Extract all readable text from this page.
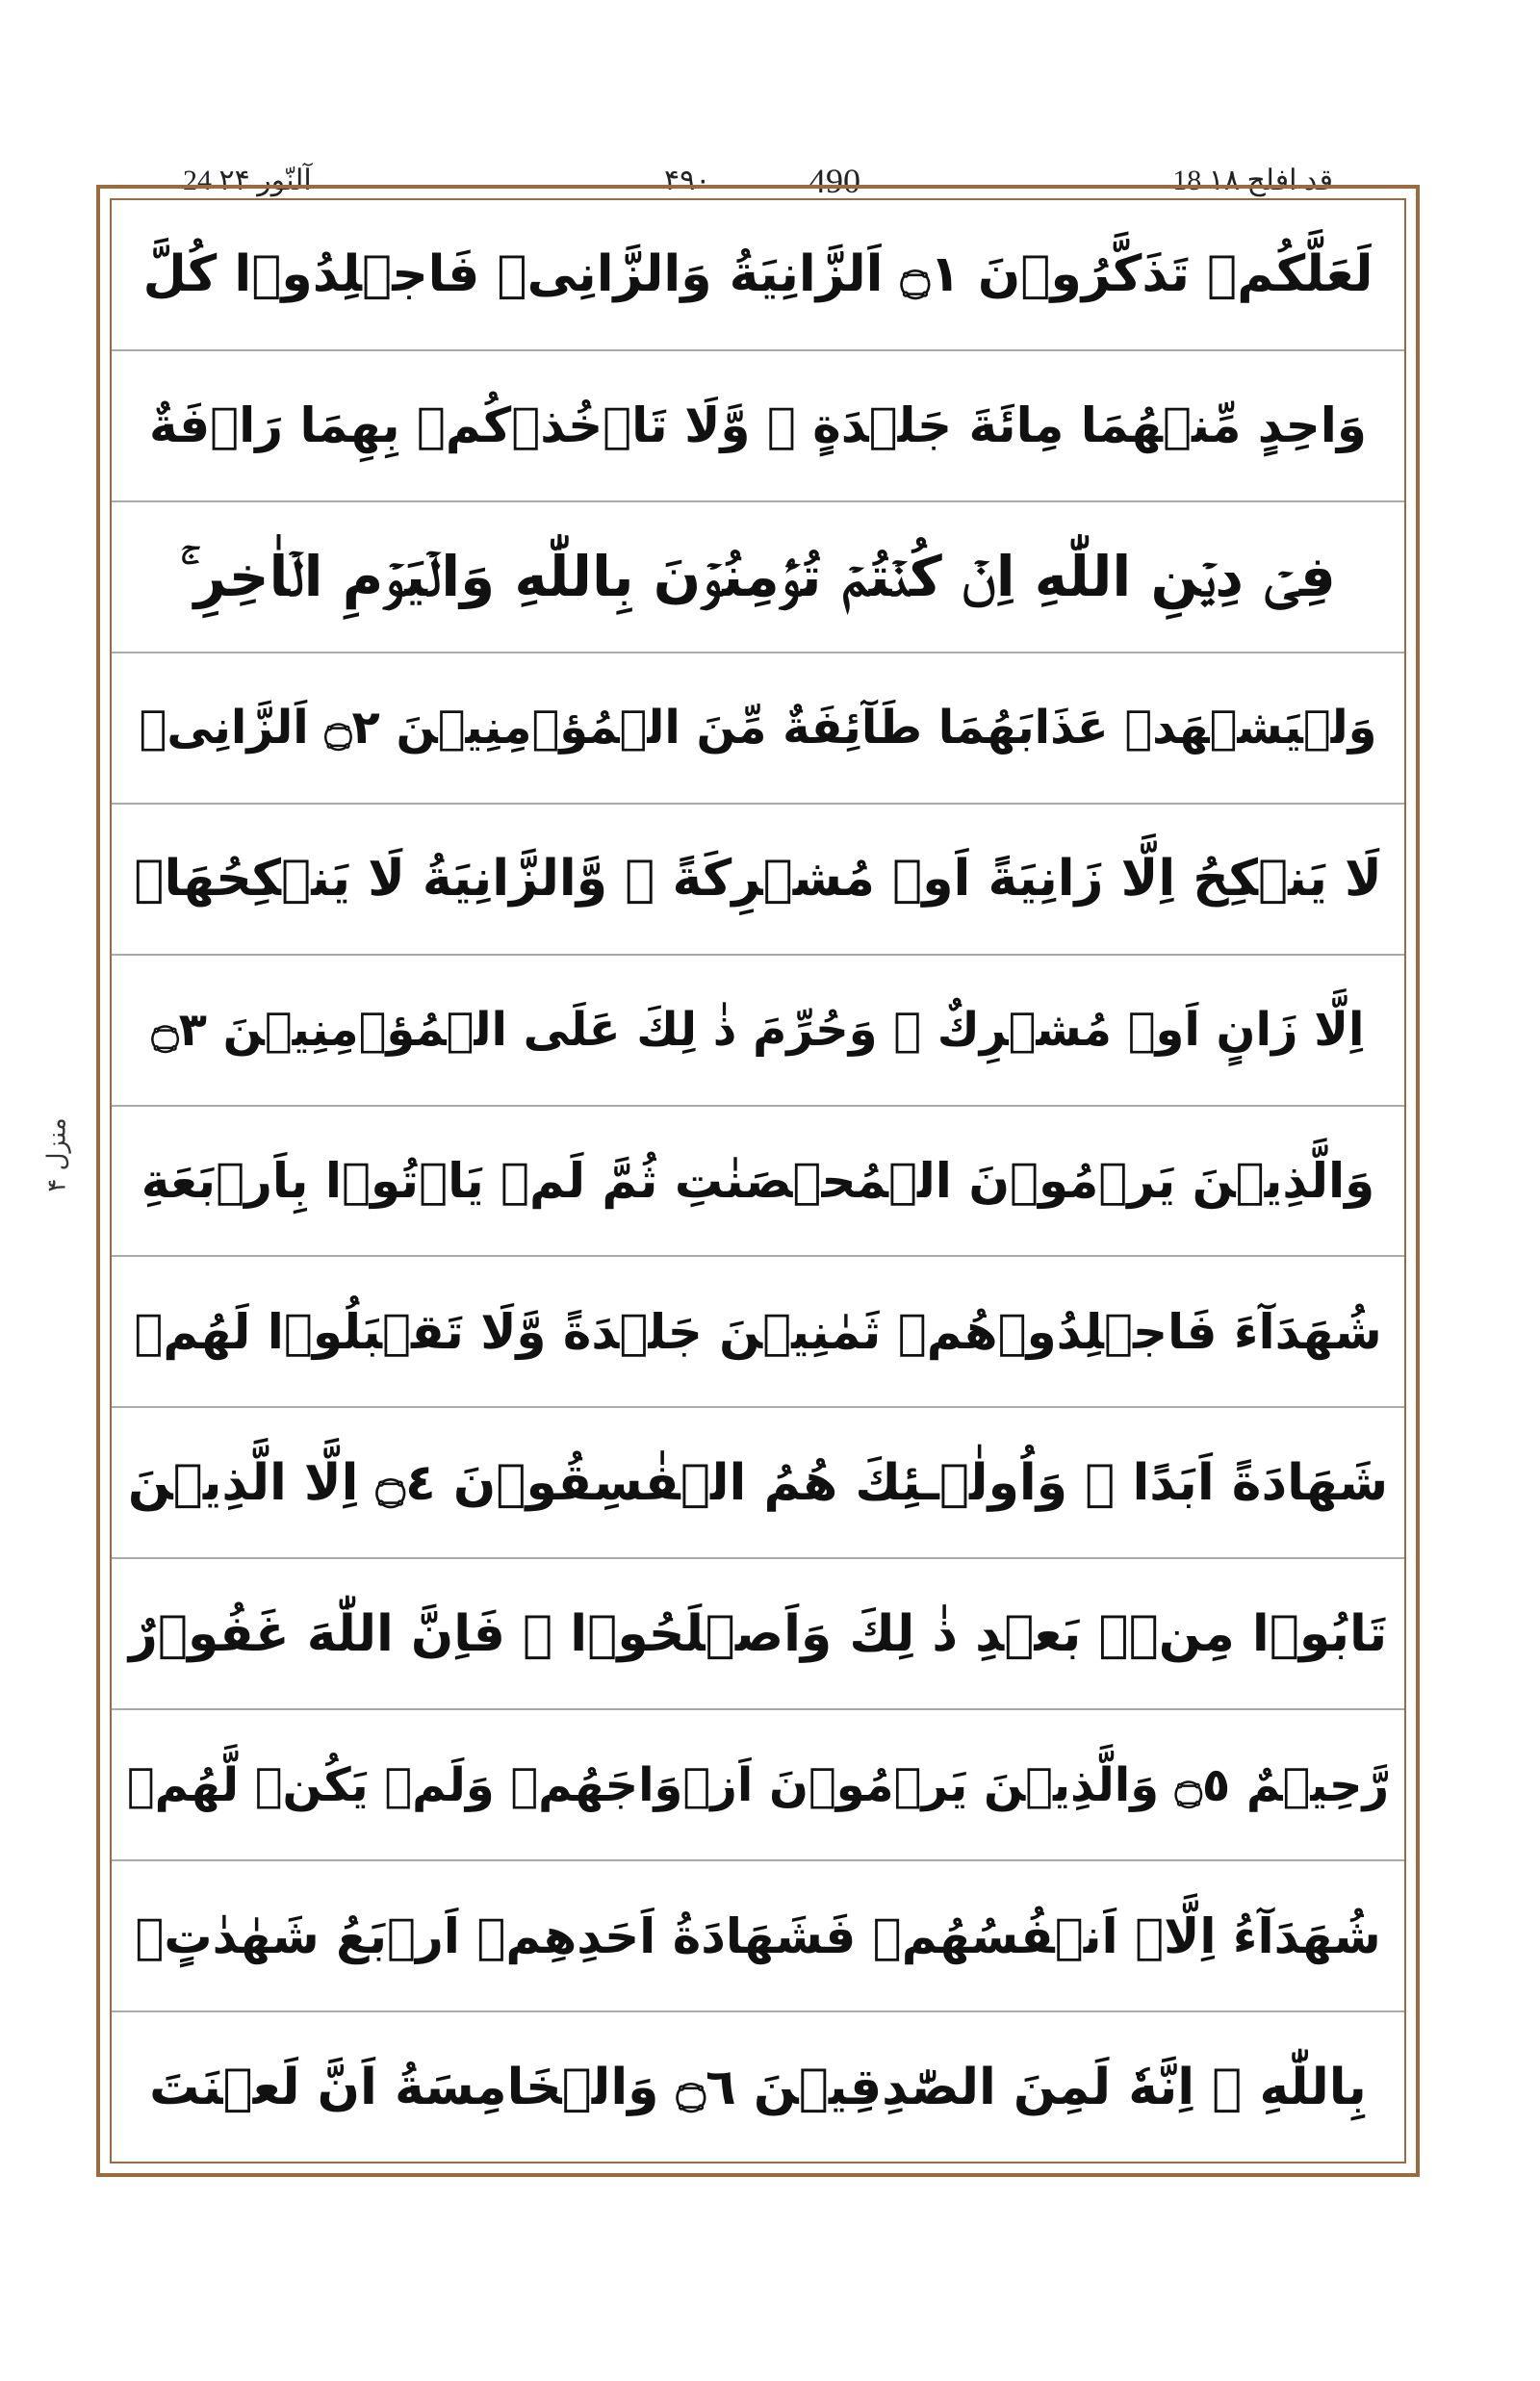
آلنّور ۲۴ 24	۴۹۰	490	18 قد افلح ۱۸
منزل ۴
لَعَلَّكُمۡ تَذَكَّرُوۡنَ ۝١ اَلزَّانِيَةُ وَالزَّانِىۡ فَاجۡلِدُوۡا كُلَّ
وَاحِدٍ مِّنۡهُمَا مِائَةَ جَلۡدَةٍ ۖ وَّلَا تَاۡخُذۡكُمۡ بِهِمَا رَاۡفَةٌ
فِىۡ دِيۡنِ اللّٰهِ اِنۡ كُنۡتُمۡ تُؤۡمِنُوۡنَ بِاللّٰهِ وَالۡيَوۡمِ الۡاٰخِرِ ۚ
وَلۡيَشۡهَدۡ عَذَابَهُمَا طَآئِفَةٌ مِّنَ الۡمُؤۡمِنِيۡنَ ۝٢ اَلزَّانِىۡ
لَا يَنۡكِحُ اِلَّا زَانِيَةً اَوۡ مُشۡرِكَةً ۖ وَّالزَّانِيَةُ لَا يَنۡكِحُهَاۤ
اِلَّا زَانٍ اَوۡ مُشۡرِكٌ ۚ وَحُرِّمَ ذٰ لِكَ عَلَى الۡمُؤۡمِنِيۡنَ ۝٣
وَالَّذِيۡنَ يَرۡمُوۡنَ الۡمُحۡصَنٰتِ ثُمَّ لَمۡ يَاۡتُوۡا بِاَرۡبَعَةِ
شُهَدَآءَ فَاجۡلِدُوۡهُمۡ ثَمٰنِيۡنَ جَلۡدَةً وَّلَا تَقۡبَلُوۡا لَهُمۡ
شَهَادَةً اَبَدًا ۚ وَاُولٰۤـئِكَ هُمُ الۡفٰسِقُوۡنَ ۝٤ اِلَّا الَّذِيۡنَ
تَابُوۡا مِنۡۢ بَعۡدِ ذٰ لِكَ وَاَصۡلَحُوۡا ۚ فَاِنَّ اللّٰهَ غَفُوۡرٌ
رَّحِيۡمٌ ۝٥ وَالَّذِيۡنَ يَرۡمُوۡنَ اَزۡوَاجَهُمۡ وَلَمۡ يَكُنۡ لَّهُمۡ
شُهَدَآءُ اِلَّاۤ اَنۡفُسُهُمۡ فَشَهَادَةُ اَحَدِهِمۡ اَرۡبَعُ شَهٰدٰتٍۢ
بِاللّٰهِ ۙ اِنَّهٗ لَمِنَ الصّٰدِقِيۡنَ ۝٦ وَالۡخَامِسَةُ اَنَّ لَعۡنَتَ
